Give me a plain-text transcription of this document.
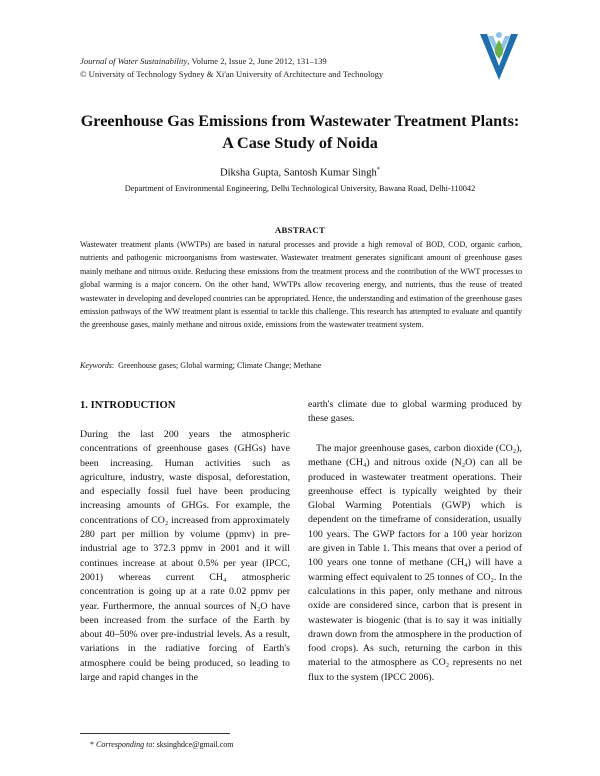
Journal of Water Sustainability, Volume 2, Issue 2, June 2012, 131–139
© University of Technology Sydney & Xi'an University of Architecture and Technology
Greenhouse Gas Emissions from Wastewater Treatment Plants:
A Case Study of Noida
Diksha Gupta, Santosh Kumar Singh*
Department of Environmental Engineering, Delhi Technological University, Bawana Road, Delhi-110042
ABSTRACT
Wastewater treatment plants (WWTPs) are based in natural processes and provide a high removal of BOD, COD, organic carbon, nutrients and pathogenic microorganisms from wastewater. Wastewater treatment generates significant amount of greenhouse gases mainly methane and nitrous oxide. Reducing these emissions from the treatment process and the contribution of the WWT processes to global warming is a major concern. On the other hand, WWTPs allow recovering energy, and nutrients, thus the reuse of treated wastewater in developing and developed countries can be appropriated. Hence, the understanding and estimation of the greenhouse gases emission pathways of the WW treatment plant is essential to tackle this challenge. This research has attempted to evaluate and quantify the greenhouse gases, mainly methane and nitrous oxide, emissions from the wastewater treatment system.
Keywords:  Greenhouse gases; Global warming; Climate Change; Methane
1. INTRODUCTION
During the last 200 years the atmospheric concentrations of greenhouse gases (GHGs) have been increasing. Human activities such as agriculture, industry, waste disposal, deforestation, and especially fossil fuel have been producing increasing amounts of GHGs. For example, the concentrations of CO₂ increased from approximately 280 part per million by volume (ppmv) in pre-industrial age to 372.3 ppmv in 2001 and it will continues increase at about 0.5% per year (IPCC, 2001) whereas current CH₄ atmospheric concentration is going up at a rate 0.02 ppmv per year. Furthermore, the annual sources of N₂O have been increased from the surface of the Earth by about 40–50% over pre-industrial levels. As a result, variations in the radiative forcing of Earth's atmosphere could be being produced, so leading to large and rapid changes in the
earth's climate due to global warming produced by these gases.
The major greenhouse gases, carbon dioxide (CO₂), methane (CH₄) and nitrous oxide (N₂O) can all be produced in wastewater treatment operations. Their greenhouse effect is typically weighted by their Global Warming Potentials (GWP) which is dependent on the timeframe of consideration, usually 100 years. The GWP factors for a 100 year horizon are given in Table 1. This means that over a period of 100 years one tonne of methane (CH₄) will have a warming effect equivalent to 25 tonnes of CO₂. In the calculations in this paper, only methane and nitrous oxide are considered since, carbon that is present in wastewater is biogenic (that is to say it was initially drawn down from the atmosphere in the production of food crops). As such, returning the carbon in this material to the atmosphere as CO₂ represents no net flux to the system (IPCC 2006).
* Corresponding to: sksinghdce@gmail.com
